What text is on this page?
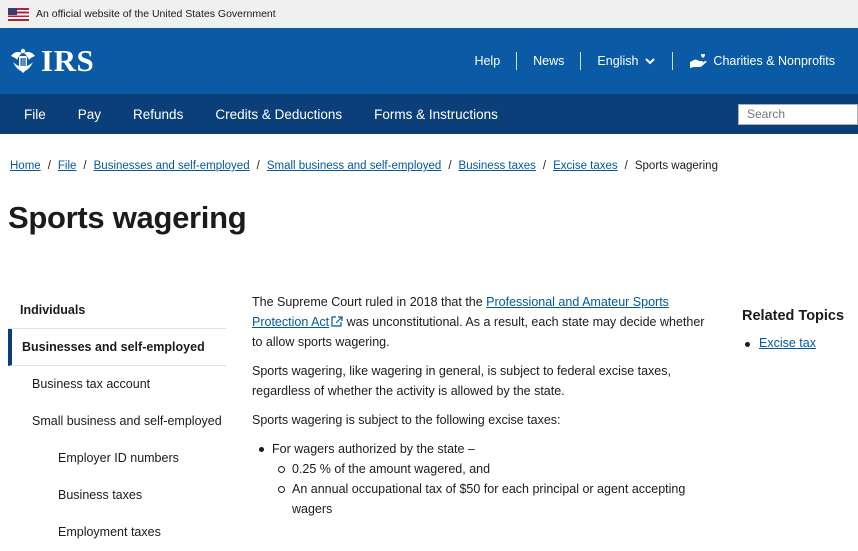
An official website of the United States Government
IRS	Help	News	English	Charities & Nonprofits
File	Pay	Refunds	Credits & Deductions	Forms & Instructions
Search
Home / File / Businesses and self-employed / Small business and self-employed / Business taxes / Excise taxes / Sports wagering
Sports wagering
Individuals
Businesses and self-employed
Business tax account
Small business and self-employed
Employer ID numbers
Business taxes
Employment taxes

The Supreme Court ruled in 2018 that the Professional and Amateur Sports Protection Act was unconstitutional. As a result, each state may decide whether to allow sports wagering.

Sports wagering, like wagering in general, is subject to federal excise taxes, regardless of whether the activity is allowed by the state.

Sports wagering is subject to the following excise taxes:

For wagers authorized by the state –
0.25 % of the amount wagered, and
An annual occupational tax of $50 for each principal or agent accepting wagers
Related Topics
Excise tax
